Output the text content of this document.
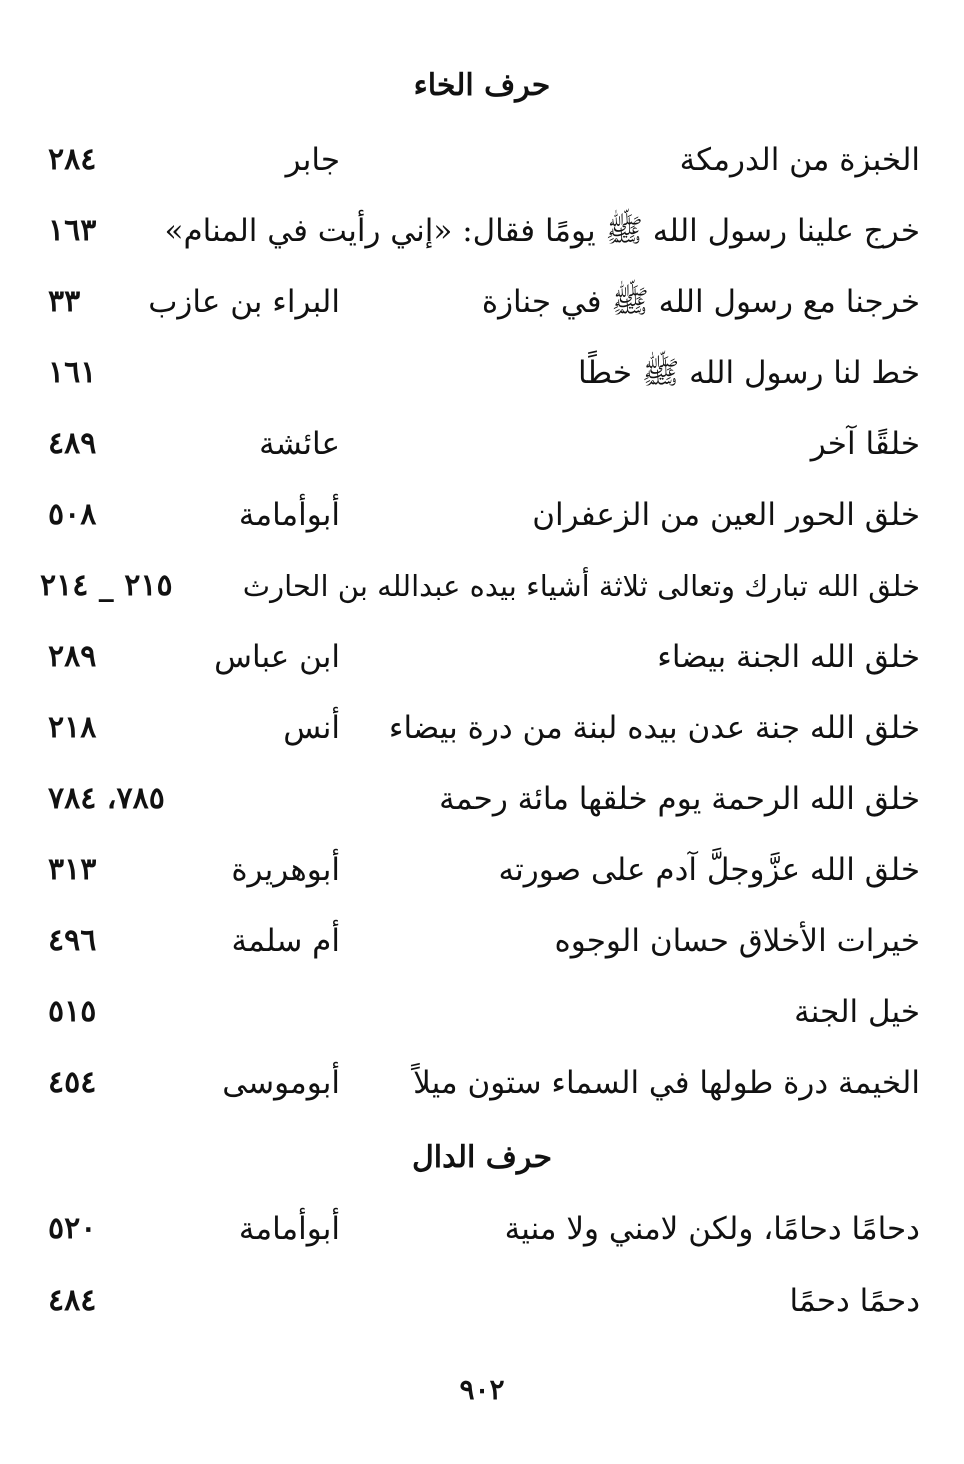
حرف الخاء
الخبزة من الدرمكة
جابر
٢٨٤
خرج علينا رسول الله ﷺ يومًا فقال: «إني رأيت في المنام»
١٦٣
خرجنا مع رسول الله ﷺ في جنازة
البراء بن عازب
٣٣
خط لنا رسول الله ﷺ خطًا
١٦١
خلقًا آخر
عائشة
٤٨٩
خلق الحور العين من الزعفران
أبوأمامة
٥٠٨
خلق الله تبارك وتعالى ثلاثة أشياء بيده عبدالله بن الحارث
٢١٥ _ ٢١٤
خلق الله الجنة بيضاء
ابن عباس
٢٨٩
خلق الله جنة عدن بيده لبنة من درة بيضاء
أنس
٢١٨
خلق الله الرحمة يوم خلقها مائة رحمة
٧٨٥، ٧٨٤
خلق الله عزَّوجلَّ آدم على صورته
أبوهريرة
٣١٣
خيرات الأخلاق حسان الوجوه
أم سلمة
٤٩٦
خيل الجنة
٥١٥
الخيمة درة طولها في السماء ستون ميلاً
أبوموسى
٤٥٤
حرف الدال
دحامًا دحامًا، ولكن لامني ولا منية
أبوأمامة
٥٢٠
دحمًا دحمًا
٤٨٤
٩٠٢
